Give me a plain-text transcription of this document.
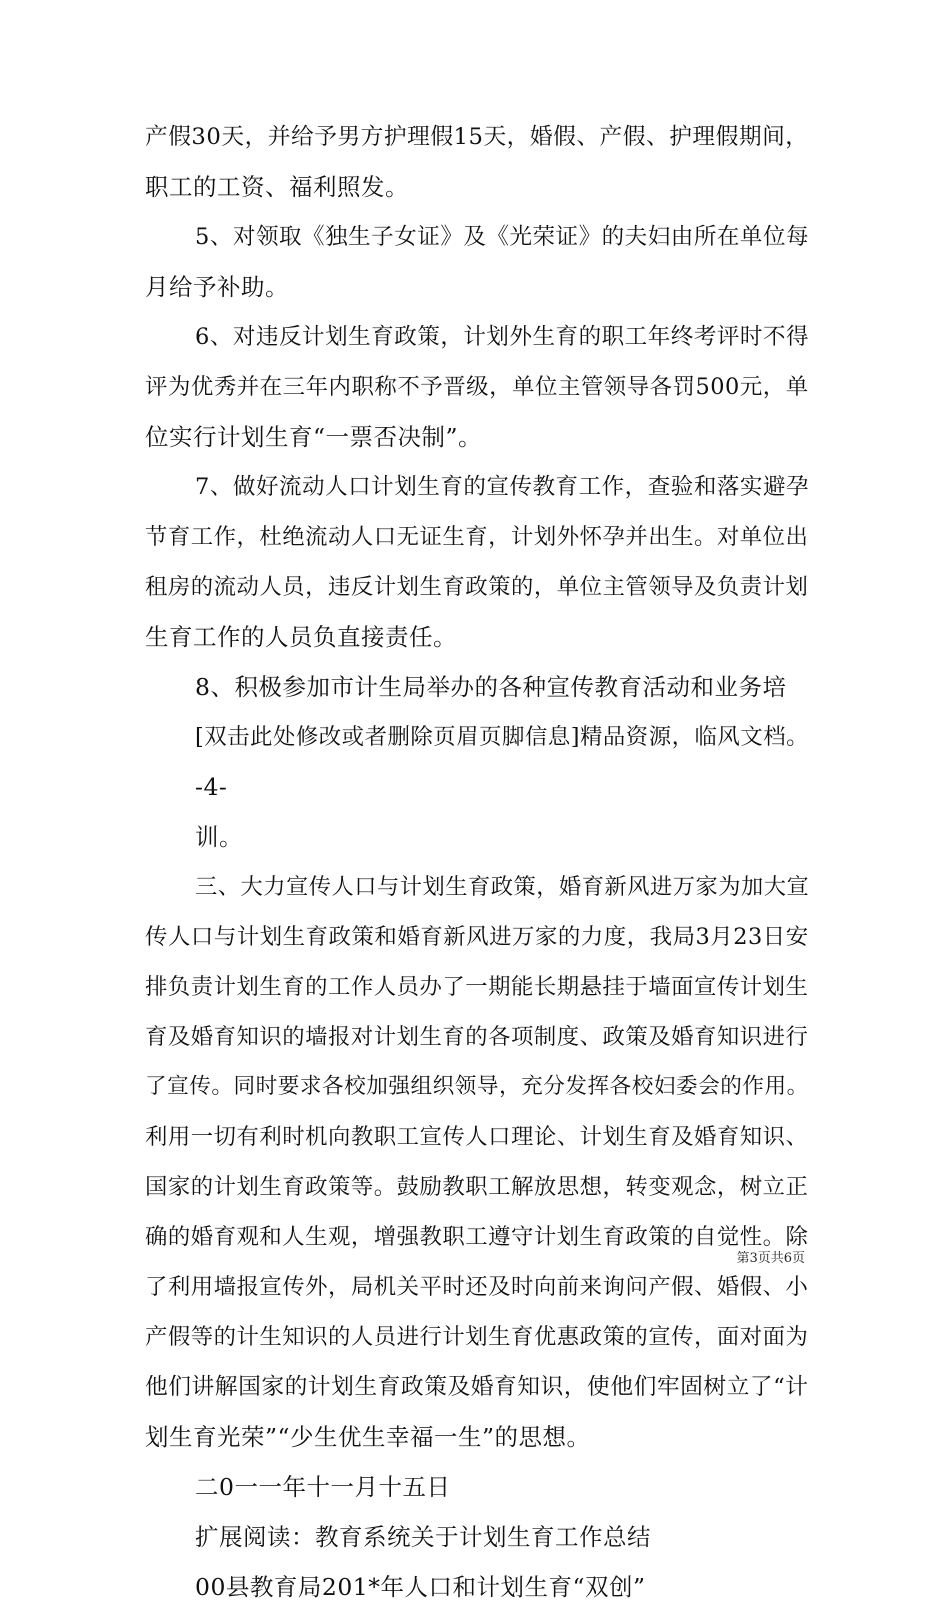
产假30天，并给予男方护理假15天，婚假、产假、护理假期间，

职工的工资、福利照发。

5、对领取《独生子女证》及《光荣证》的夫妇由所在单位每

月给予补助。

6、对违反计划生育政策，计划外生育的职工年终考评时不得

评为优秀并在三年内职称不予晋级，单位主管领导各罚500元，单

位实行计划生育“一票否决制”。

7、做好流动人口计划生育的宣传教育工作，查验和落实避孕

节育工作，杜绝流动人口无证生育，计划外怀孕并出生。对单位出

租房的流动人员，违反计划生育政策的，单位主管领导及负责计划

生育工作的人员负直接责任。

8、积极参加市计生局举办的各种宣传教育活动和业务培

[双击此处修改或者删除页眉页脚信息]精品资源，临风文档。

-4-

训。

三、大力宣传人口与计划生育政策，婚育新风进万家为加大宣

传人口与计划生育政策和婚育新风进万家的力度，我局3月23日安

排负责计划生育的工作人员办了一期能长期悬挂于墙面宣传计划生

育及婚育知识的墙报对计划生育的各项制度、政策及婚育知识进行

了宣传。同时要求各校加强组织领导，充分发挥各校妇委会的作用。

利用一切有利时机向教职工宣传人口理论、计划生育及婚育知识、

国家的计划生育政策等。鼓励教职工解放思想，转变观念，树立正

确的婚育观和人生观，增强教职工遵守计划生育政策的自觉性。除

了利用墙报宣传外，局机关平时还及时向前来询问产假、婚假、小

产假等的计生知识的人员进行计划生育优惠政策的宣传，面对面为

他们讲解国家的计划生育政策及婚育知识，使他们牢固树立了“计

划生育光荣”“少生优生幸福一生”的思想。

二0一一年十一月十五日

扩展阅读：教育系统关于计划生育工作总结

00县教育局201*年人口和计划生育“双创”

第3页共6页
